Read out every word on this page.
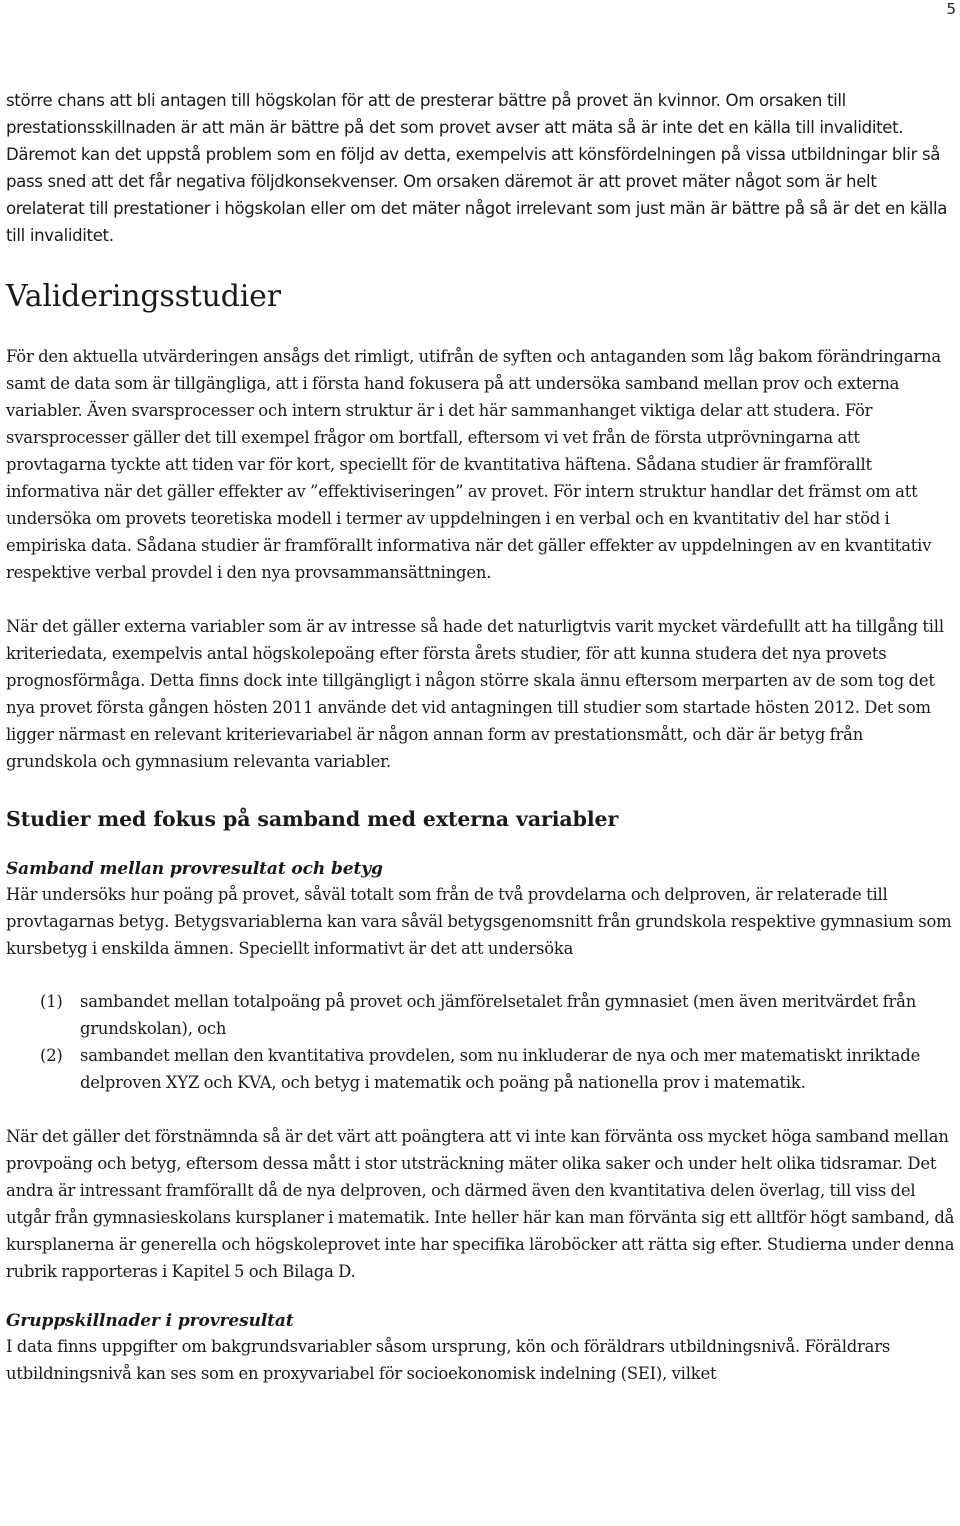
5

större chans att bli antagen till högskolan för att de presterar bättre på provet än kvinnor. Om orsaken till prestationsskillnaden är att män är bättre på det som provet avser att mäta så är inte det en källa till invaliditet. Däremot kan det uppstå problem som en följd av detta, exempelvis att könsfördelningen på vissa utbildningar blir så pass sned att det får negativa följdkonsekvenser. Om orsaken däremot är att provet mäter något som är helt orelaterat till prestationer i högskolan eller om det mäter något irrelevant som just män är bättre på så är det en källa till invaliditet.

Valideringsstudier

För den aktuella utvärderingen ansågs det rimligt, utifrån de syften och antaganden som låg bakom förändringarna samt de data som är tillgängliga, att i första hand fokusera på att undersöka samband mellan prov och externa variabler. Även svarsprocesser och intern struktur är i det här sammanhanget viktiga delar att studera. För svarsprocesser gäller det till exempel frågor om bortfall, eftersom vi vet från de första utprövningarna att provtagarna tyckte att tiden var för kort, speciellt för de kvantitativa häftena. Sådana studier är framförallt informativa när det gäller effekter av ”effektiviseringen” av provet. För intern struktur handlar det främst om att undersöka om provets teoretiska modell i termer av uppdelningen i en verbal och en kvantitativ del har stöd i empiriska data. Sådana studier är framförallt informativa när det gäller effekter av uppdelningen av en kvantitativ respektive verbal provdel i den nya provsammansättningen.

När det gäller externa variabler som är av intresse så hade det naturligtvis varit mycket värdefullt att ha tillgång till kriteriedata, exempelvis antal högskolepoäng efter första årets studier, för att kunna studera det nya provets prognosförmåga. Detta finns dock inte tillgängligt i någon större skala ännu eftersom merparten av de som tog det nya provet första gången hösten 2011 använde det vid antagningen till studier som startade hösten 2012. Det som ligger närmast en relevant kriterievariabel är någon annan form av prestationsmått, och där är betyg från grundskola och gymnasium relevanta variabler.

Studier med fokus på samband med externa variabler
Samband mellan provresultat och betyg

Här undersöks hur poäng på provet, såväl totalt som från de två provdelarna och delproven, är relaterade till provtagarnas betyg. Betygsvariablerna kan vara såväl betygsgenomsnitt från grundskola respektive gymnasium som kursbetyg i enskilda ämnen. Speciellt informativt är det att undersöka

(1) sambandet mellan totalpoäng på provet och jämförelsetalet från gymnasiet (men även meritvärdet från grundskolan), och
(2) sambandet mellan den kvantitativa provdelen, som nu inkluderar de nya och mer matematiskt inriktade delproven XYZ och KVA, och betyg i matematik och poäng på nationella prov i matematik.

När det gäller det förstnämnda så är det värt att poängtera att vi inte kan förvänta oss mycket höga samband mellan provpoäng och betyg, eftersom dessa mått i stor utsträckning mäter olika saker och under helt olika tidsramar. Det andra är intressant framförallt då de nya delproven, och därmed även den kvantitativa delen överlag, till viss del utgår från gymnasieskolans kursplaner i matematik. Inte heller här kan man förvänta sig ett alltför högt samband, då kursplanerna är generella och högskoleprovet inte har specifika läroböcker att rätta sig efter. Studierna under denna rubrik rapporteras i Kapitel 5 och Bilaga D.

Gruppskillnader i provresultat

I data finns uppgifter om bakgrundsvariabler såsom ursprung, kön och föräldrars utbildningsnivå. Föräldrars utbildningsnivå kan ses som en proxyvariabel för socioekonomisk indelning (SEI), vilket
